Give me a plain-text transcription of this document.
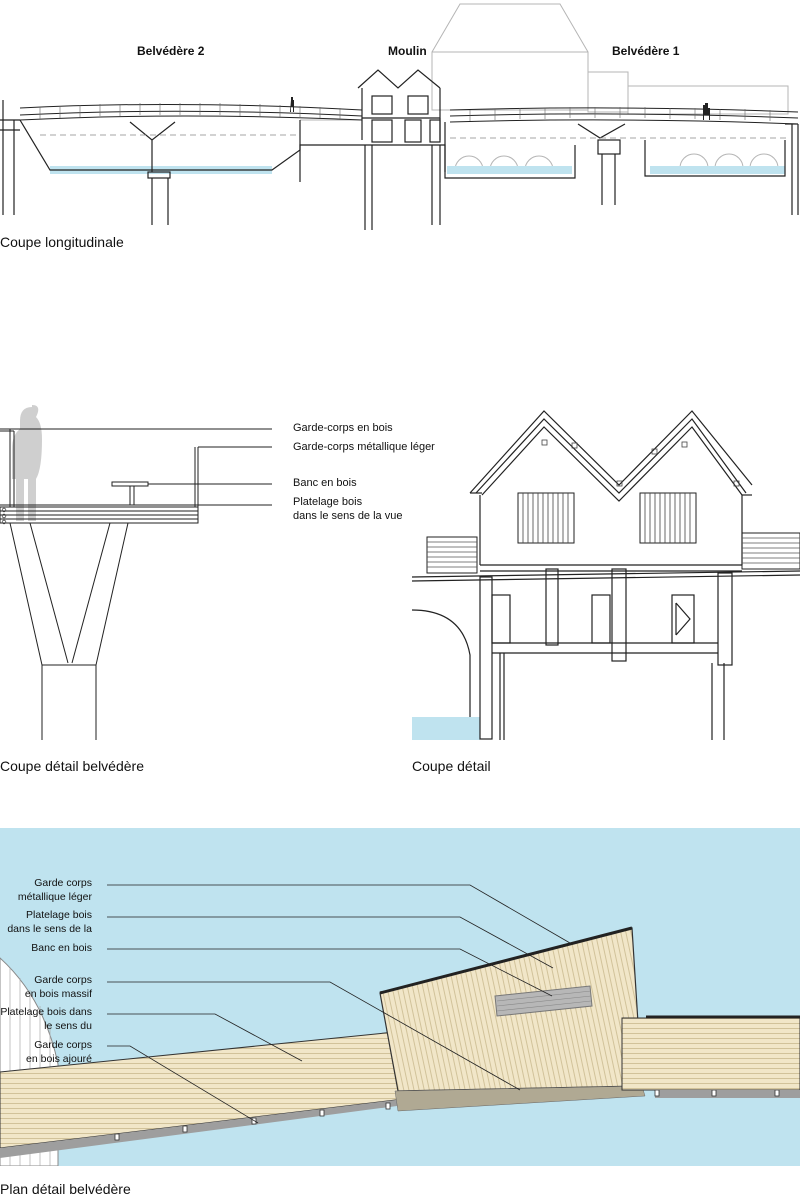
Belvédère 2	Moulin	Belvédère 1
Coupe longitudinale
Garde-corps en bois
Garde-corps métallique léger
Banc en bois
Platelage bois
dans le sens de la vue
Coupe détail belvédère	Coupe détail
Garde corps
métallique léger
Platelage bois
dans le sens de la
Banc en bois
Garde corps
en bois massif
Platelage bois dans
le sens du
Garde corps
en bois ajouré
Plan détail belvédère
